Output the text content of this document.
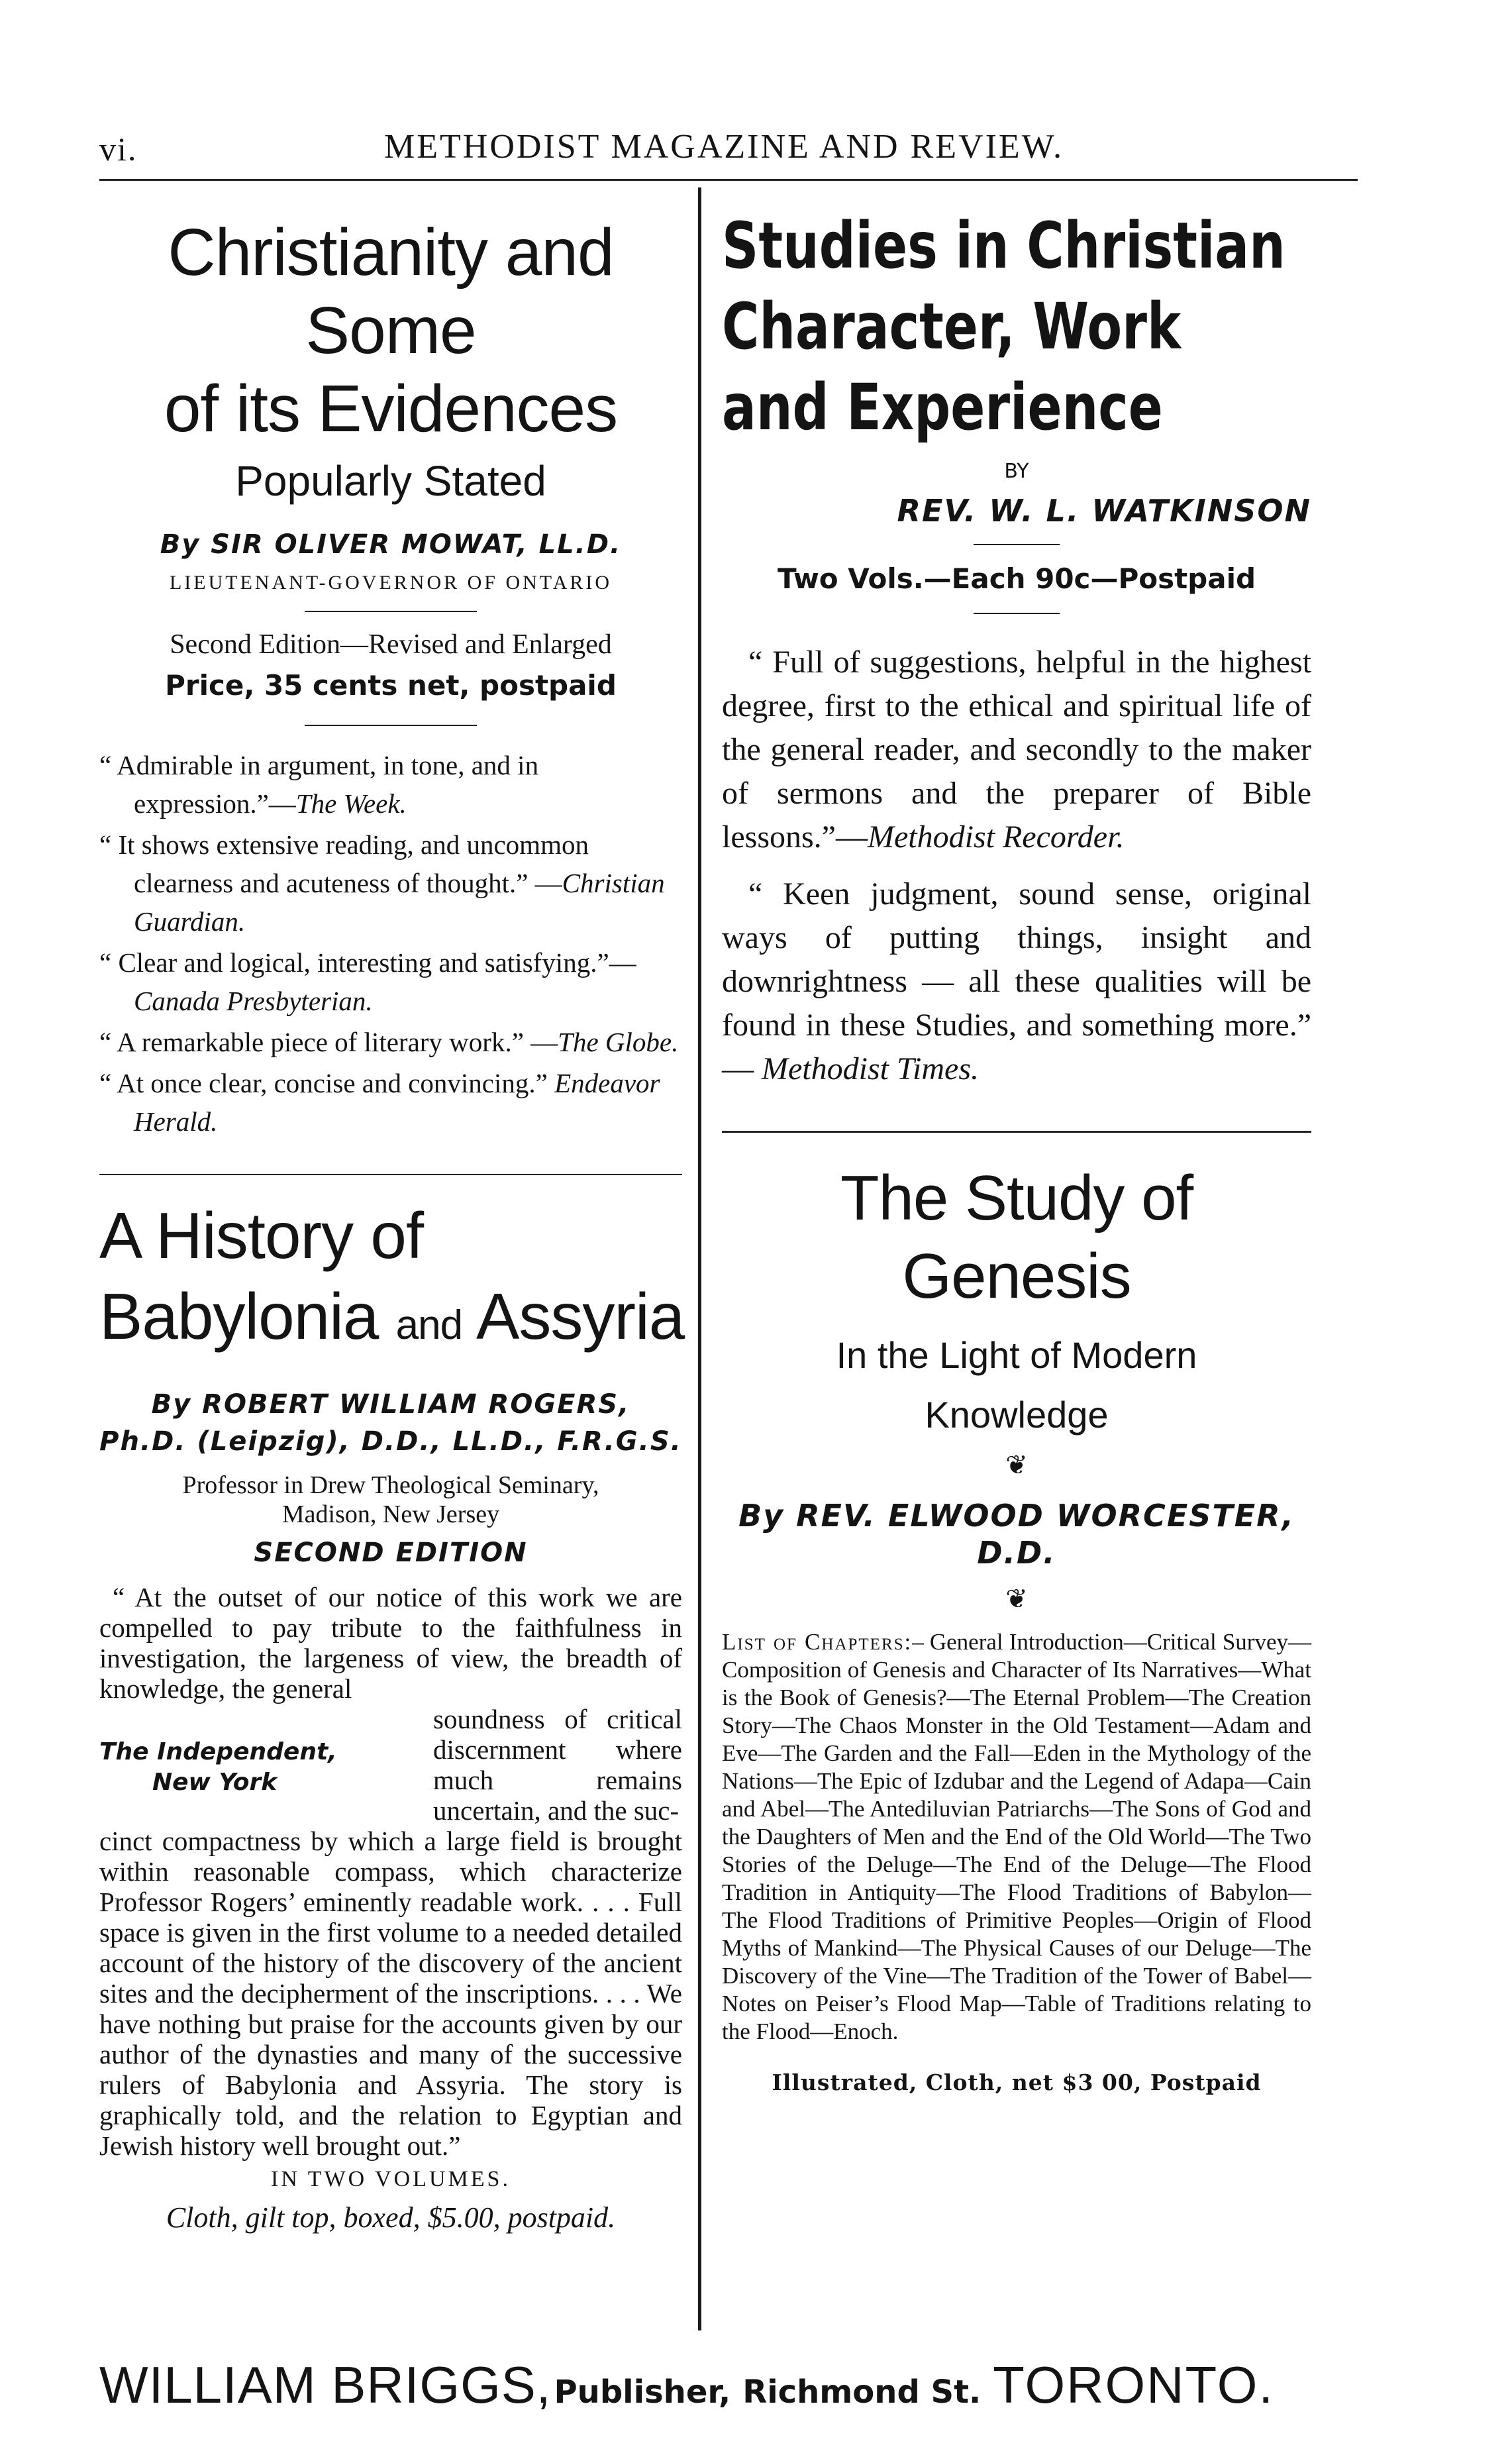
vi.	METHODIST MAGAZINE AND REVIEW.
Christianity and Some
of its Evidences
Popularly Stated
By SIR OLIVER MOWAT, LL.D.
LIEUTENANT-GOVERNOR OF ONTARIO
Second Edition—Revised and Enlarged
Price, 35 cents net, postpaid
“ Admirable in argument, in tone, and in expression.”—The Week.
“ It shows extensive reading, and uncommon clearness and acuteness of thought.” —Christian Guardian.
“ Clear and logical, interesting and satisfying.”—Canada Presbyterian.
“ A remarkable piece of literary work.” —The Globe.
“ At once clear, concise and convincing.” Endeavor Herald.
A History of
Babylonia and Assyria
By ROBERT WILLIAM ROGERS,
Ph.D. (Leipzig), D.D., LL.D., F.R.G.S.
Professor in Drew Theological Seminary,
Madison, New Jersey
SECOND EDITION
“ At the outset of our notice of this work we are compelled to pay tribute to the faithfulness in investigation, the largeness of view, the breadth of knowledge, the general
The Independent,
New York
soundness of critical discernment where much remains uncertain, and the suc-
cinct compactness by which a large field is brought within reasonable compass, which characterize Professor Rogers’ eminently readable work. . . . Full space is given in the first volume to a needed detailed account of the history of the discovery of the ancient sites and the decipherment of the inscriptions. . . . We have nothing but praise for the accounts given by our author of the dynasties and many of the successive rulers of Babylonia and Assyria. The story is graphically told, and the relation to Egyptian and Jewish history well brought out.”
IN TWO VOLUMES.
Cloth, gilt top, boxed, $5.00, postpaid.
Studies in Christian
Character, Work
and Experience
BY
REV. W. L. WATKINSON
Two Vols.—Each 90c—Postpaid
“ Full of suggestions, helpful in the highest degree, first to the ethical and spiritual life of the general reader, and secondly to the maker of sermons and the preparer of Bible lessons.”—Methodist Recorder.
“ Keen judgment, sound sense, original ways of putting things, insight and downrightness — all these qualities will be found in these Studies, and something more.” — Methodist Times.
The Study of Genesis
In the Light of Modern
Knowledge
❦
By REV. ELWOOD WORCESTER, D.D.
❦
List of Chapters:– General Introduction—Critical Survey—Composition of Genesis and Character of Its Narratives—What is the Book of Genesis?—The Eternal Problem—The Creation Story—The Chaos Monster in the Old Testament—Adam and Eve—The Garden and the Fall—Eden in the Mythology of the Nations—The Epic of Izdubar and the Legend of Adapa—Cain and Abel—The Antediluvian Patriarchs—The Sons of God and the Daughters of Men and the End of the Old World—The Two Stories of the Deluge—The End of the Deluge—The Flood Tradition in Antiquity—The Flood Traditions of Babylon—The Flood Traditions of Primitive Peoples—Origin of Flood Myths of Mankind—The Physical Causes of our Deluge—The Discovery of the Vine—The Tradition of the Tower of Babel—Notes on Peiser’s Flood Map—Table of Traditions relating to the Flood—Enoch.
Illustrated, Cloth, net $3 00, Postpaid
WILLIAM BRIGGS, Publisher, Richmond St. TORONTO.
